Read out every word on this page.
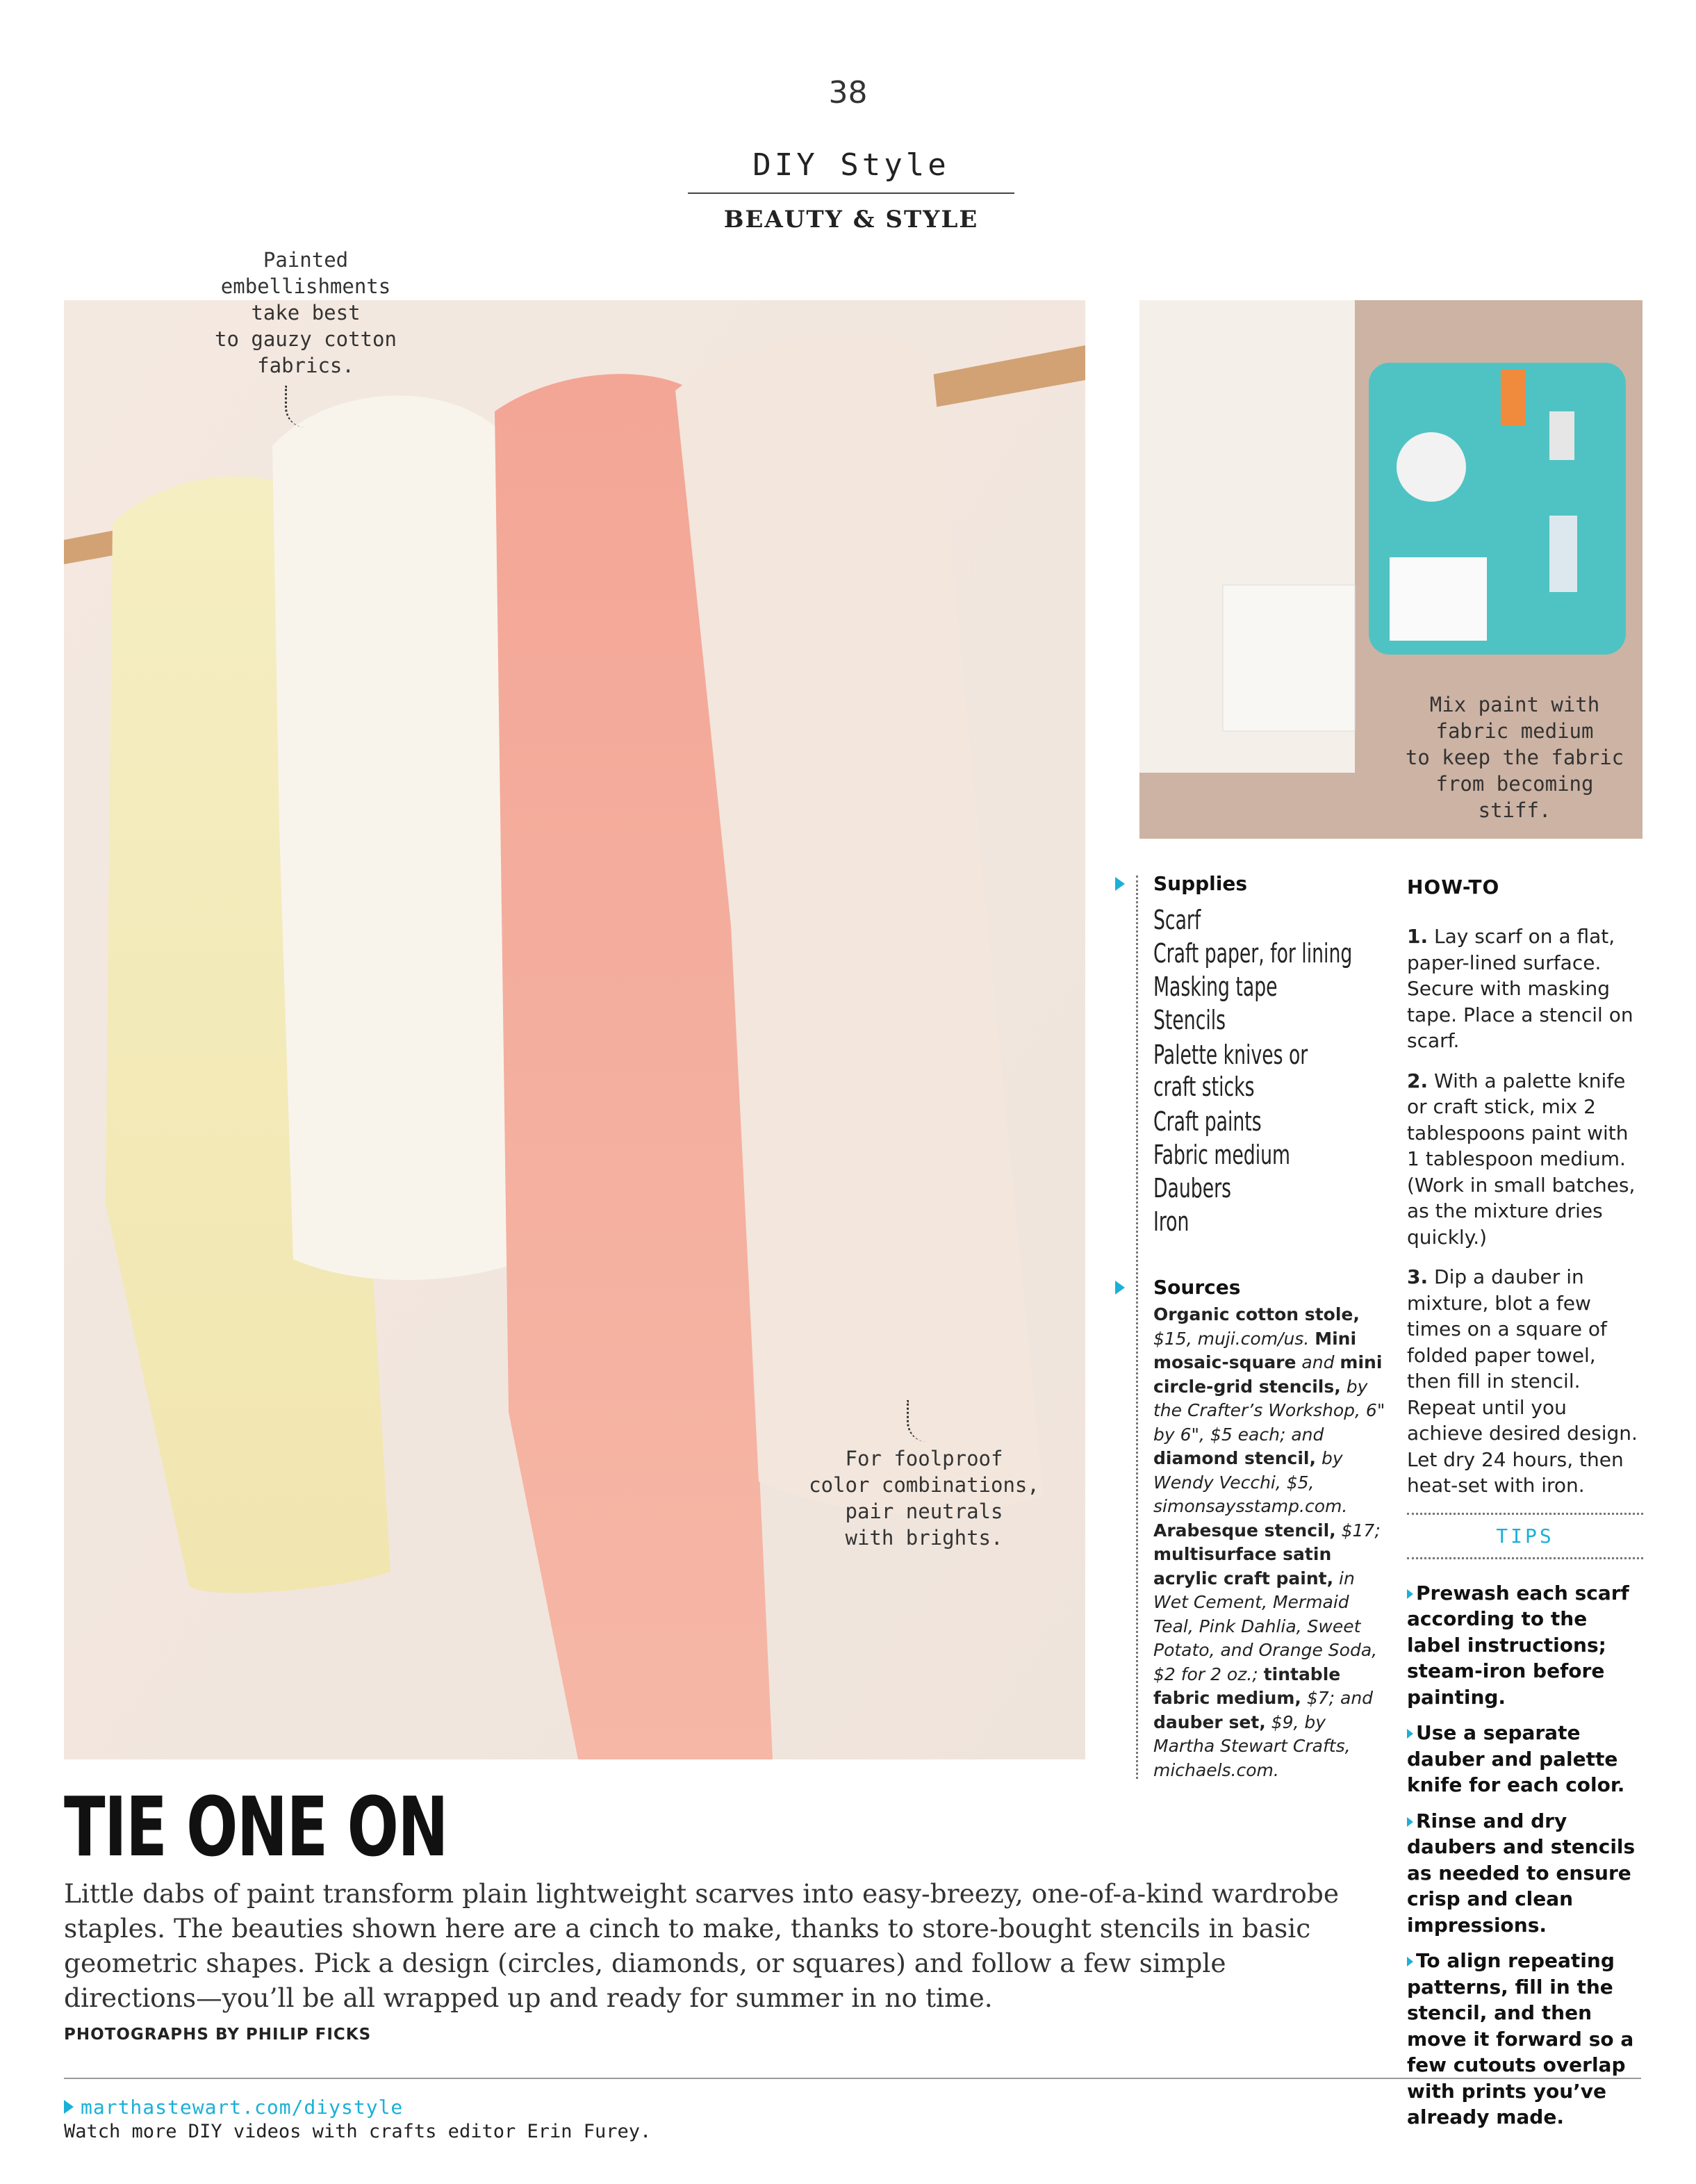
38
DIY Style
BEAUTY & STYLE
Painted
embellishments
take best
to gauzy cotton
fabrics.
For foolproof
color combinations,
pair neutrals
with brights.
Mix paint with
fabric medium
to keep the fabric
from becoming
stiff.
Supplies
Scarf
Craft paper, for lining
Masking tape
Stencils
Palette knives or
craft sticks
Craft paints
Fabric medium
Daubers
Iron
Sources
Organic cotton stole, $15, muji.com/us. Mini mosaic-square and mini circle-grid stencils, by the Crafter’s Workshop, 6" by 6", $5 each; and diamond stencil, by Wendy Vecchi, $5, simonsaysstamp.com. Arabesque stencil, $17; multisurface satin acrylic craft paint, in Wet Cement, Mermaid Teal, Pink Dahlia, Sweet Potato, and Orange Soda, $2 for 2 oz.; tintable fabric medium, $7; and dauber set, $9, by Martha Stewart Crafts, michaels.com.
HOW-TO
1. Lay scarf on a flat, paper-lined surface. Secure with masking tape. Place a stencil on scarf.
2. With a palette knife or craft stick, mix 2 tablespoons paint with 1 tablespoon medium. (Work in small batches, as the mixture dries quickly.)
3. Dip a dauber in mixture, blot a few times on a square of folded paper towel, then fill in stencil. Repeat until you achieve desired design. Let dry 24 hours, then heat-set with iron.
TIPS
Prewash each scarf according to the label instructions; steam-iron before painting.
Use a separate dauber and palette knife for each color.
Rinse and dry daubers and stencils as needed to ensure crisp and clean impressions.
To align repeating patterns, fill in the stencil, and then move it forward so a few cutouts overlap with prints you’ve already made.
TIE ONE ON
Little dabs of paint transform plain lightweight scarves into easy-breezy, one-of-a-kind wardrobe staples. The beauties shown here are a cinch to make, thanks to store-bought stencils in basic geometric shapes. Pick a design (circles, diamonds, or squares) and follow a few simple directions—you’ll be all wrapped up and ready for summer in no time.
PHOTOGRAPHS BY PHILIP FICKS
marthastewart.com/diystyle
Watch more DIY videos with crafts editor Erin Furey.
